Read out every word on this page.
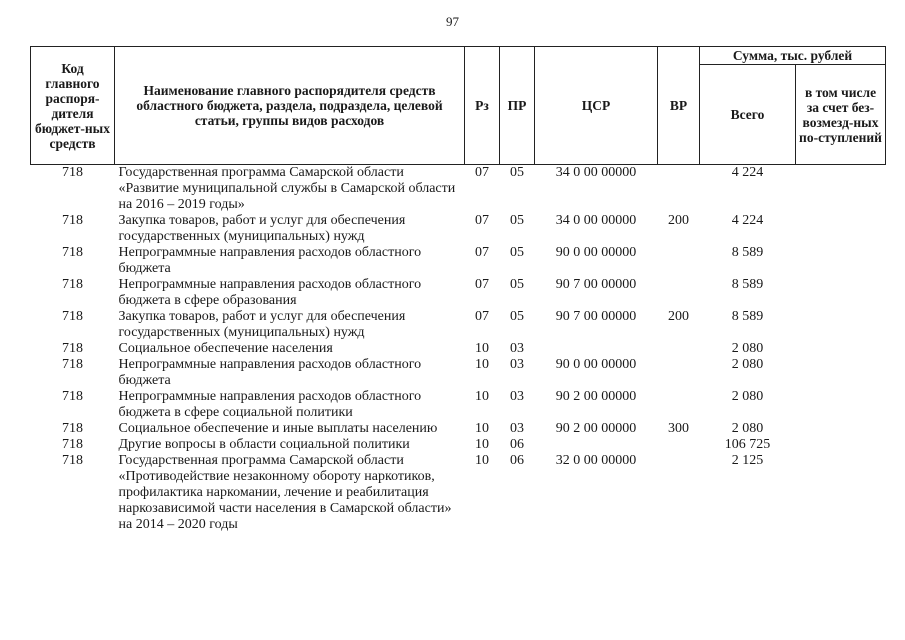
97
Код главного распоря-дителя бюджет-ных средств	Наименование главного распорядителя средств областного бюджета, раздела, подраздела, целевой статьи, группы видов расходов	Рз	ПР	ЦСР	ВР	Сумма, тыс. рублей	
						Всего	в том числе за счет без-возмезд-ных по-ступлений
718	Государственная программа Самарской области «Развитие муниципальной службы в Самарской области на 2016 – 2019 годы»	07	05	34 0 00 00000		4 224	
718	Закупка товаров, работ и услуг для обеспечения государственных (муниципальных) нужд	07	05	34 0 00 00000	200	4 224	
718	Непрограммные направления расходов областного бюджета	07	05	90 0 00 00000		8 589	
718	Непрограммные направления расходов областного бюджета в сфере образования	07	05	90 7 00 00000		8 589	
718	Закупка товаров, работ и услуг для обеспечения государственных (муниципальных) нужд	07	05	90 7 00 00000	200	8 589	
718	Социальное обеспечение населения	10	03			2 080	
718	Непрограммные направления расходов областного бюджета	10	03	90 0 00 00000		2 080	
718	Непрограммные направления расходов областного бюджета в сфере социальной политики	10	03	90 2 00 00000		2 080	
718	Социальное обеспечение и иные выплаты населению	10	03	90 2 00 00000	300	2 080	
718	Другие вопросы в области социальной политики	10	06			106 725	
718	Государственная программа Самарской области «Противодействие незаконному обороту наркотиков, профилактика наркомании, лечение и реабилитация наркозависимой части населения в Самарской области» на 2014 – 2020 годы	10	06	32 0 00 00000		2 125	
